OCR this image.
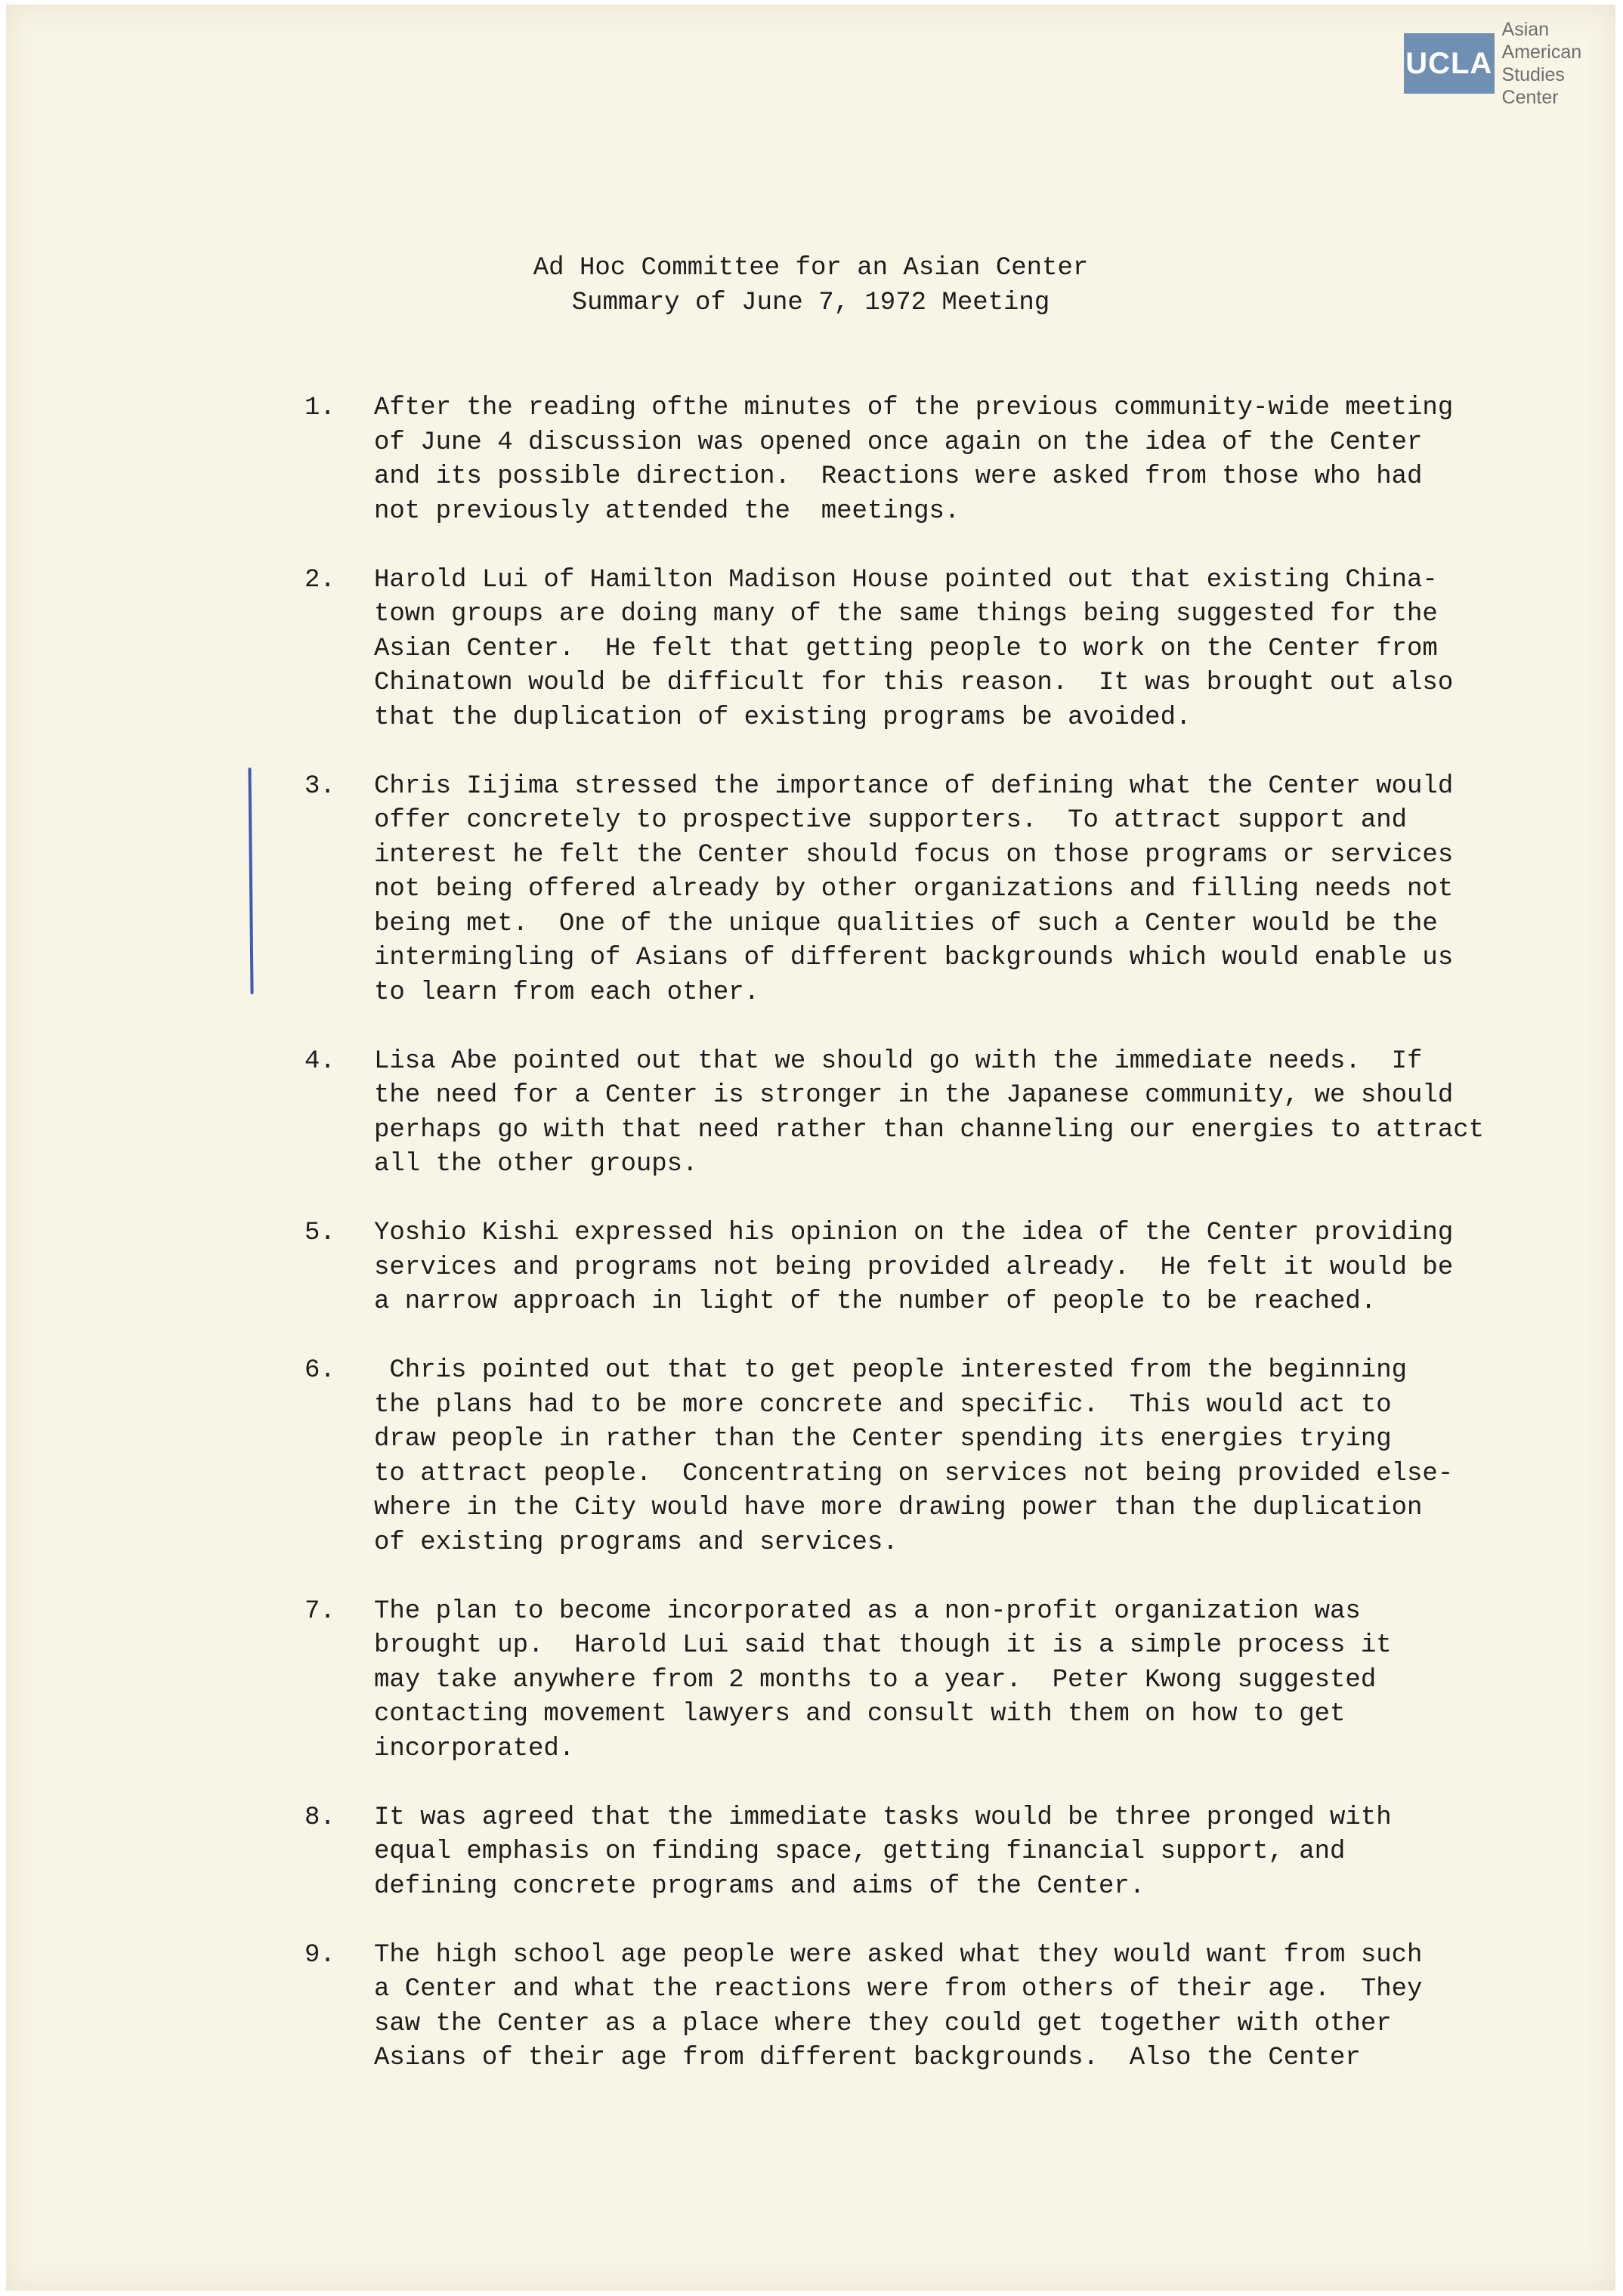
UCLA
Asian American
Studies Center
Ad Hoc Committee for an Asian Center
Summary of June 7, 1972 Meeting
1.	After the reading ofthe minutes of the previous community-wide meeting
of June 4 discussion was opened once again on the idea of the Center
and its possible direction.  Reactions were asked from those who had
not previously attended the  meetings.
2.	Harold Lui of Hamilton Madison House pointed out that existing China-
town groups are doing many of the same things being suggested for the
Asian Center.  He felt that getting people to work on the Center from
Chinatown would be difficult for this reason.  It was brought out also
that the duplication of existing programs be avoided.
3.	Chris Iijima stressed the importance of defining what the Center would
offer concretely to prospective supporters.  To attract support and
interest he felt the Center should focus on those programs or services
not being offered already by other organizations and filling needs not
being met.  One of the unique qualities of such a Center would be the
intermingling of Asians of different backgrounds which would enable us
to learn from each other.
4.	Lisa Abe pointed out that we should go with the immediate needs.  If
the need for a Center is stronger in the Japanese community, we should
perhaps go with that need rather than channeling our energies to attract
all the other groups.
5.	Yoshio Kishi expressed his opinion on the idea of the Center providing
services and programs not being provided already.  He felt it would be
a narrow approach in light of the number of people to be reached.
6.	Chris pointed out that to get people interested from the beginning
the plans had to be more concrete and specific.  This would act to
draw people in rather than the Center spending its energies trying
to attract people.  Concentrating on services not being provided else-
where in the City would have more drawing power than the duplication
of existing programs and services.
7.	The plan to become incorporated as a non-profit organization was
brought up.  Harold Lui said that though it is a simple process it
may take anywhere from 2 months to a year.  Peter Kwong suggested
contacting movement lawyers and consult with them on how to get
incorporated.
8.	It was agreed that the immediate tasks would be three pronged with
equal emphasis on finding space, getting financial support, and
defining concrete programs and aims of the Center.
9.	The high school age people were asked what they would want from such
a Center and what the reactions were from others of their age.  They
saw the Center as a place where they could get together with other
Asians of their age from different backgrounds.  Also the Center
